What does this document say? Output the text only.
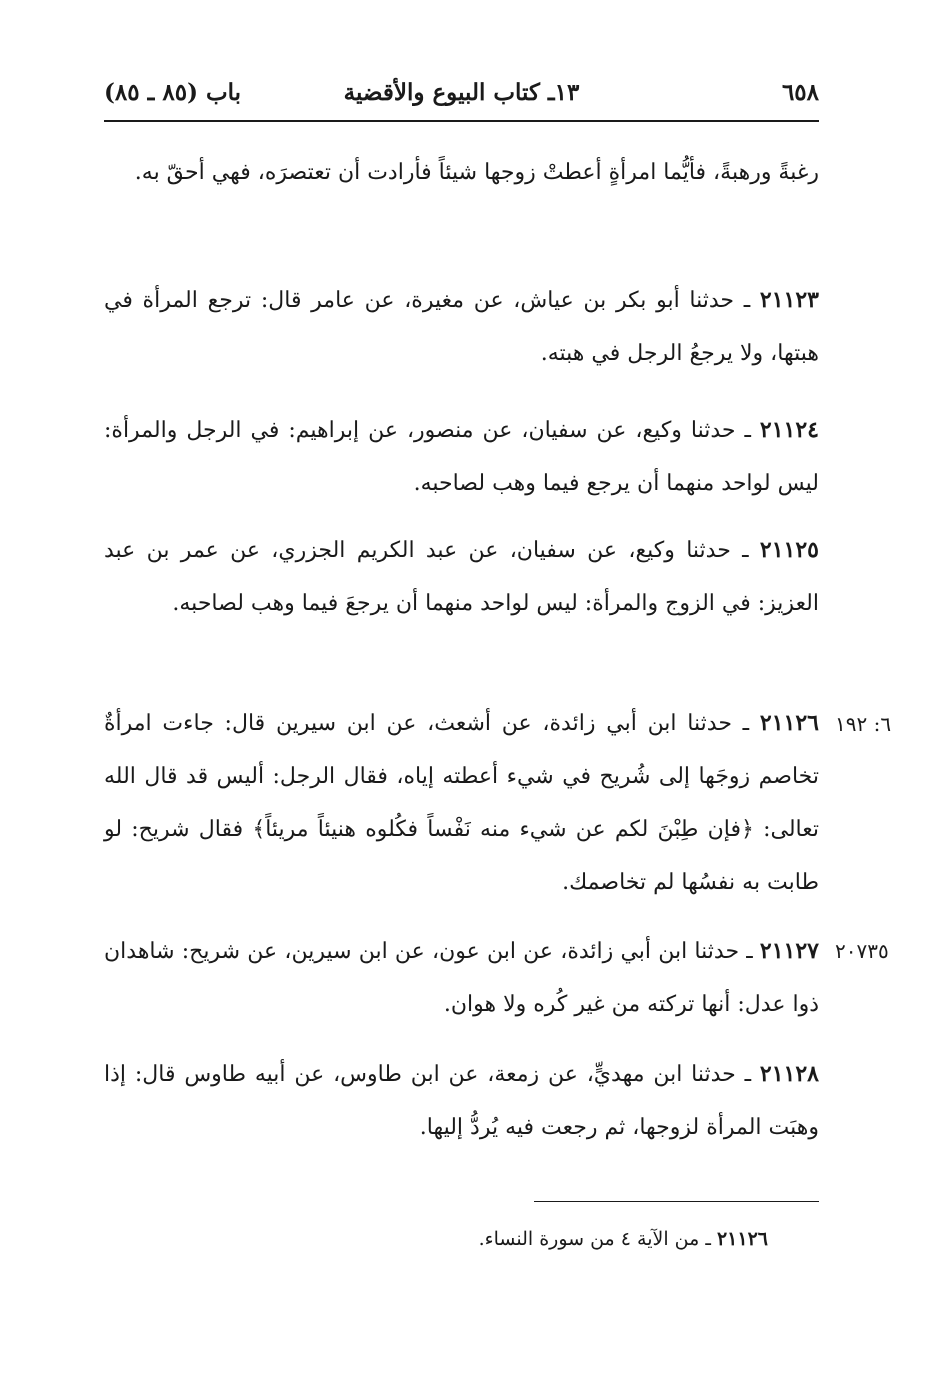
٦٥٨
١٣ـ كتاب البيوع والأقضية
باب (٨٥ ـ ٨٥)

رغبةً ورهبةً، فأيُّما امرأةٍ أعطتْ زوجها شيئاً فأرادت أن تعتصرَه، فهي أحقّ به.

٢١١٢٣ ـ حدثنا أبو بكر بن عياش، عن مغيرة، عن عامر قال: ترجع المرأة في هبتها، ولا يرجعُ الرجل في هبته.

٢١١٢٤ ـ حدثنا وكيع، عن سفيان، عن منصور، عن إبراهيم: في الرجل والمرأة: ليس لواحد منهما أن يرجع فيما وهب لصاحبه.

٢١١٢٥ ـ حدثنا وكيع، عن سفيان، عن عبد الكريم الجزري، عن عمر بن عبد العزيز: في الزوج والمرأة: ليس لواحد منهما أن يرجعَ فيما وهب لصاحبه.

٢١١٢٦ ـ حدثنا ابن أبي زائدة، عن أشعث، عن ابن سيرين قال: جاءت امرأةٌ تخاصم زوجَها إلى شُريح في شيء أعطته إياه، فقال الرجل: أليس قد قال الله تعالى: ﴿فإن طِبْنَ لكم عن شيء منه نَفْساً فكُلوه هنيئاً مريئاً﴾ فقال شريح: لو طابت به نفسُها لم تخاصمك.

٢١١٢٧ ـ حدثنا ابن أبي زائدة، عن ابن عون، عن ابن سيرين، عن شريح: شاهدان ذوا عدل: أنها تركته من غير كُره ولا هوان.

٢١١٢٨ ـ حدثنا ابن مهديٍّ، عن زمعة، عن ابن طاوس، عن أبيه طاوس قال: إذا وهبَت المرأة لزوجها، ثم رجعت فيه يُردُّ إليها.

٦: ١٩٢
٢٠٧٣٥
٢١١٢٦ ـ من الآية ٤ من سورة النساء.
